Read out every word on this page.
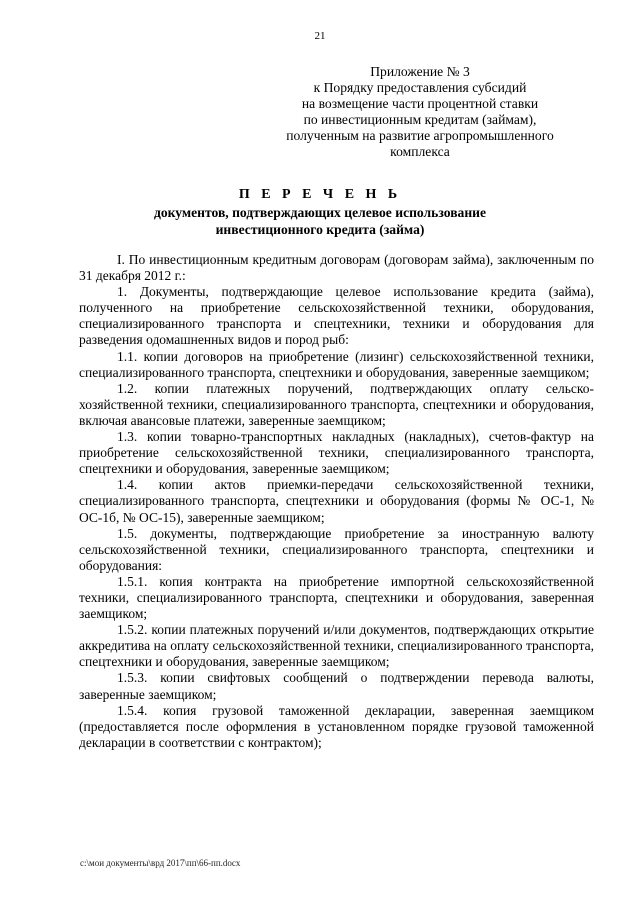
21
Приложение № 3
к Порядку предоставления субсидий
на возмещение части процентной ставки
по инвестиционным кредитам (займам),
полученным на развитие агропромышленного
комплекса
П Е Р Е Ч Е Н Ь
документов, подтверждающих целевое использование
инвестиционного кредита (займа)

I. По инвестиционным кредитным договорам (договорам займа), заключенным по 31 декабря 2012 г.:

1. Документы, подтверждающие целевое использование кредита (займа), полученного на приобретение сельскохозяйственной техники, оборудования, специализированного транспорта и спецтехники, техники и оборудования для разведения одомашненных видов и пород рыб:

1.1. копии договоров на приобретение (лизинг) сельскохозяйственной техники, специализированного транспорта, спецтехники и оборудования, заверенные заемщиком;

1.2. копии платежных поручений, подтверждающих оплату сельско-хозяйственной техники, специализированного транспорта, спецтехники и оборудования, включая авансовые платежи, заверенные заемщиком;

1.3. копии товарно-транспортных накладных (накладных), счетов-фактур на приобретение сельскохозяйственной техники, специализированного транспорта, спецтехники и оборудования, заверенные заемщиком;

1.4. копии актов приемки-передачи сельскохозяйственной техники, специализированного транспорта, спецтехники и оборудования (формы № ОС-1, № ОС-1б, № ОС-15), заверенные заемщиком;

1.5. документы, подтверждающие приобретение за иностранную валюту сельскохозяйственной техники, специализированного транспорта, спецтехники и оборудования:

1.5.1. копия контракта на приобретение импортной сельскохозяйственной техники, специализированного транспорта, спецтехники и оборудования, заверенная заемщиком;

1.5.2. копии платежных поручений и/или документов, подтверждающих открытие аккредитива на оплату сельскохозяйственной техники, специализированного транспорта, спецтехники и оборудования, заверенные заемщиком;

1.5.3. копии свифтовых сообщений о подтверждении перевода валюты, заверенные заемщиком;

1.5.4. копия грузовой таможенной декларации, заверенная заемщиком (предоставляется после оформления в установленном порядке грузовой таможенной декларации в соответствии с контрактом);

c:\мои документы\врд 2017\пп\66-пп.docx
